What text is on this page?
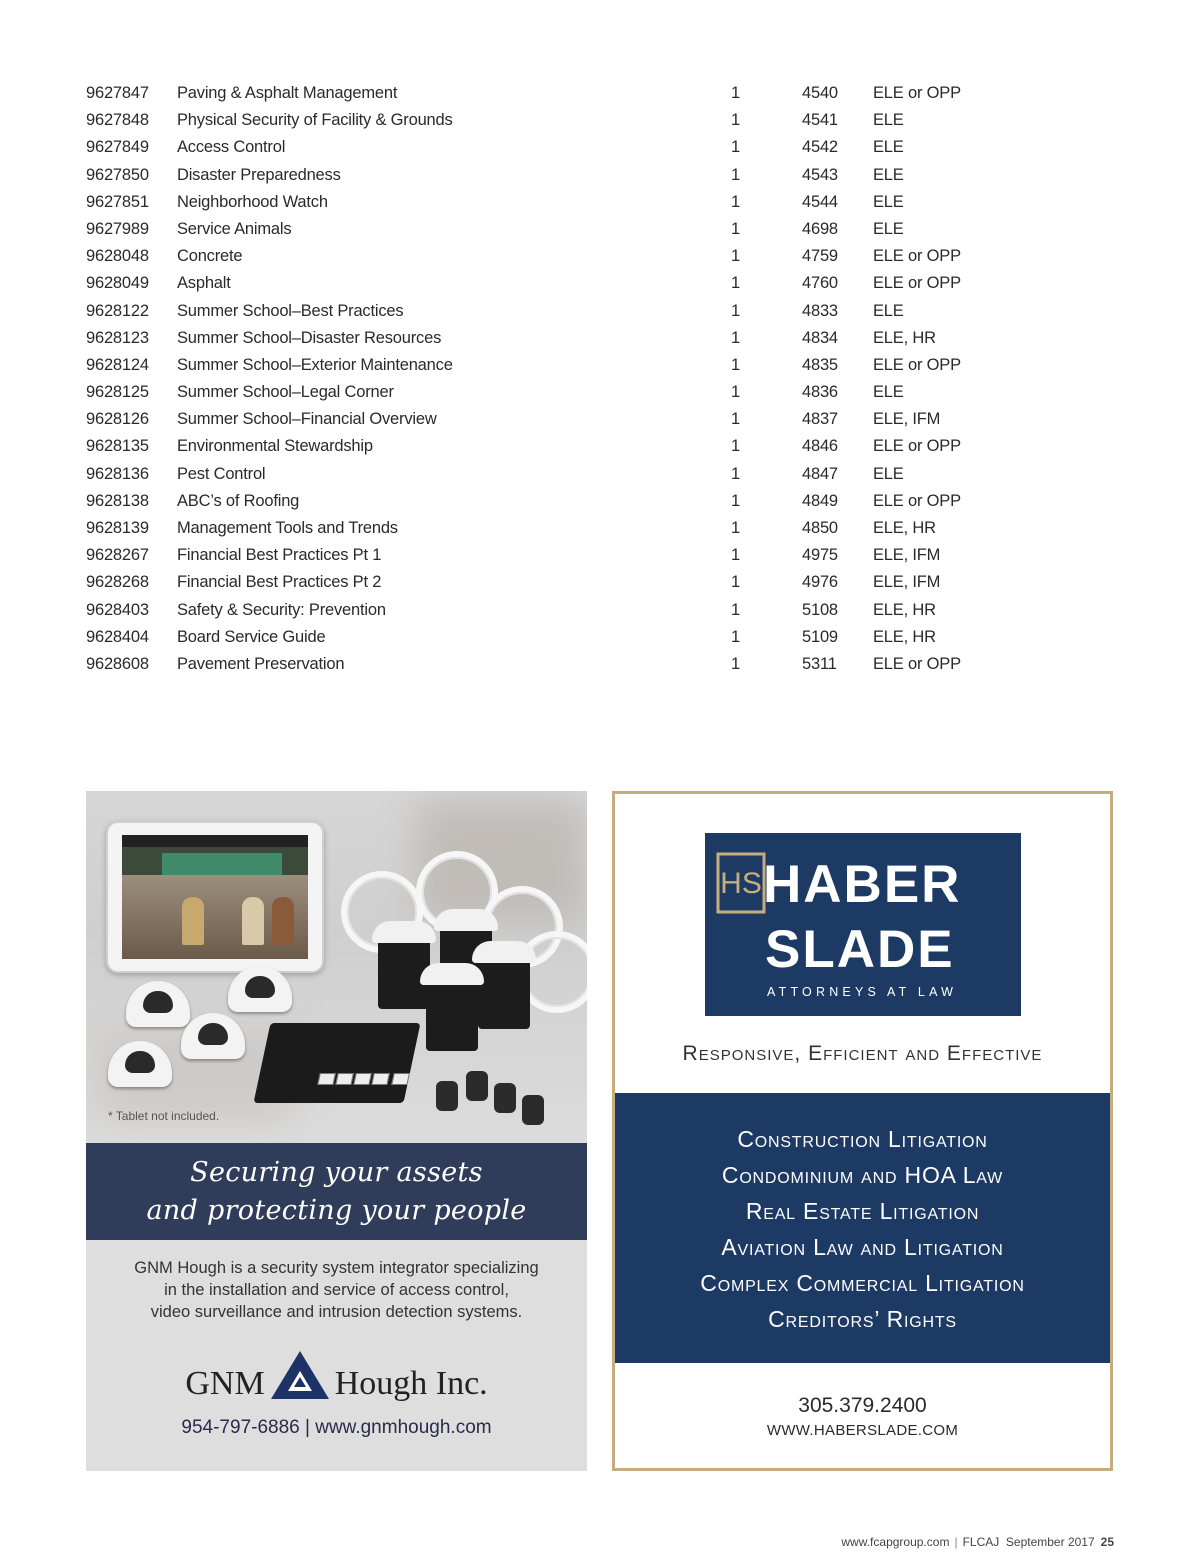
9627847 Paving & Asphalt Management	1	4540 ELE or OPP
9627848 Physical Security of Facility & Grounds	1	4541 ELE
9627849 Access Control	1	4542 ELE
9627850 Disaster Preparedness	1	4543 ELE
9627851 Neighborhood Watch	1	4544 ELE
9627989 Service Animals	1	4698 ELE
9628048 Concrete	1	4759 ELE or OPP
9628049 Asphalt	1	4760 ELE or OPP
9628122 Summer School–Best Practices	1	4833 ELE
9628123 Summer School–Disaster Resources	1	4834 ELE, HR
9628124 Summer School–Exterior Maintenance	1	4835 ELE or OPP
9628125 Summer School–Legal Corner	1	4836 ELE
9628126 Summer School–Financial Overview	1	4837 ELE, IFM
9628135 Environmental Stewardship	1	4846 ELE or OPP
9628136 Pest Control	1	4847 ELE
9628138 ABC’s of Roofing	1	4849 ELE or OPP
9628139 Management Tools and Trends	1	4850 ELE, HR
9628267 Financial Best Practices Pt 1	1	4975 ELE, IFM
9628268 Financial Best Practices Pt 2	1	4976 ELE, IFM
9628403 Safety & Security: Prevention	1	5108 ELE, HR
9628404 Board Service Guide	1	5109 ELE, HR
9628608 Pavement Preservation	1	5311 ELE or OPP
* Tablet not included.
Securing your assets
and protecting your people
GNM Hough is a security system integrator specializing
in the installation and service of access control,
video surveillance and intrusion detection systems.
GNM Hough Inc.
954-797-6886 | www.gnmhough.com
HS HABER
SLADE
ATTORNEYS AT LAW
Responsive, Efficient and Effective
Construction Litigation
Condominium and HOA Law
Real Estate Litigation
Aviation Law and Litigation
Complex Commercial Litigation
Creditors’ Rights
305.379.2400
WWW.HABERSLADE.COM
www.fcapgroup.com | FLCAJ  September 2017 25
